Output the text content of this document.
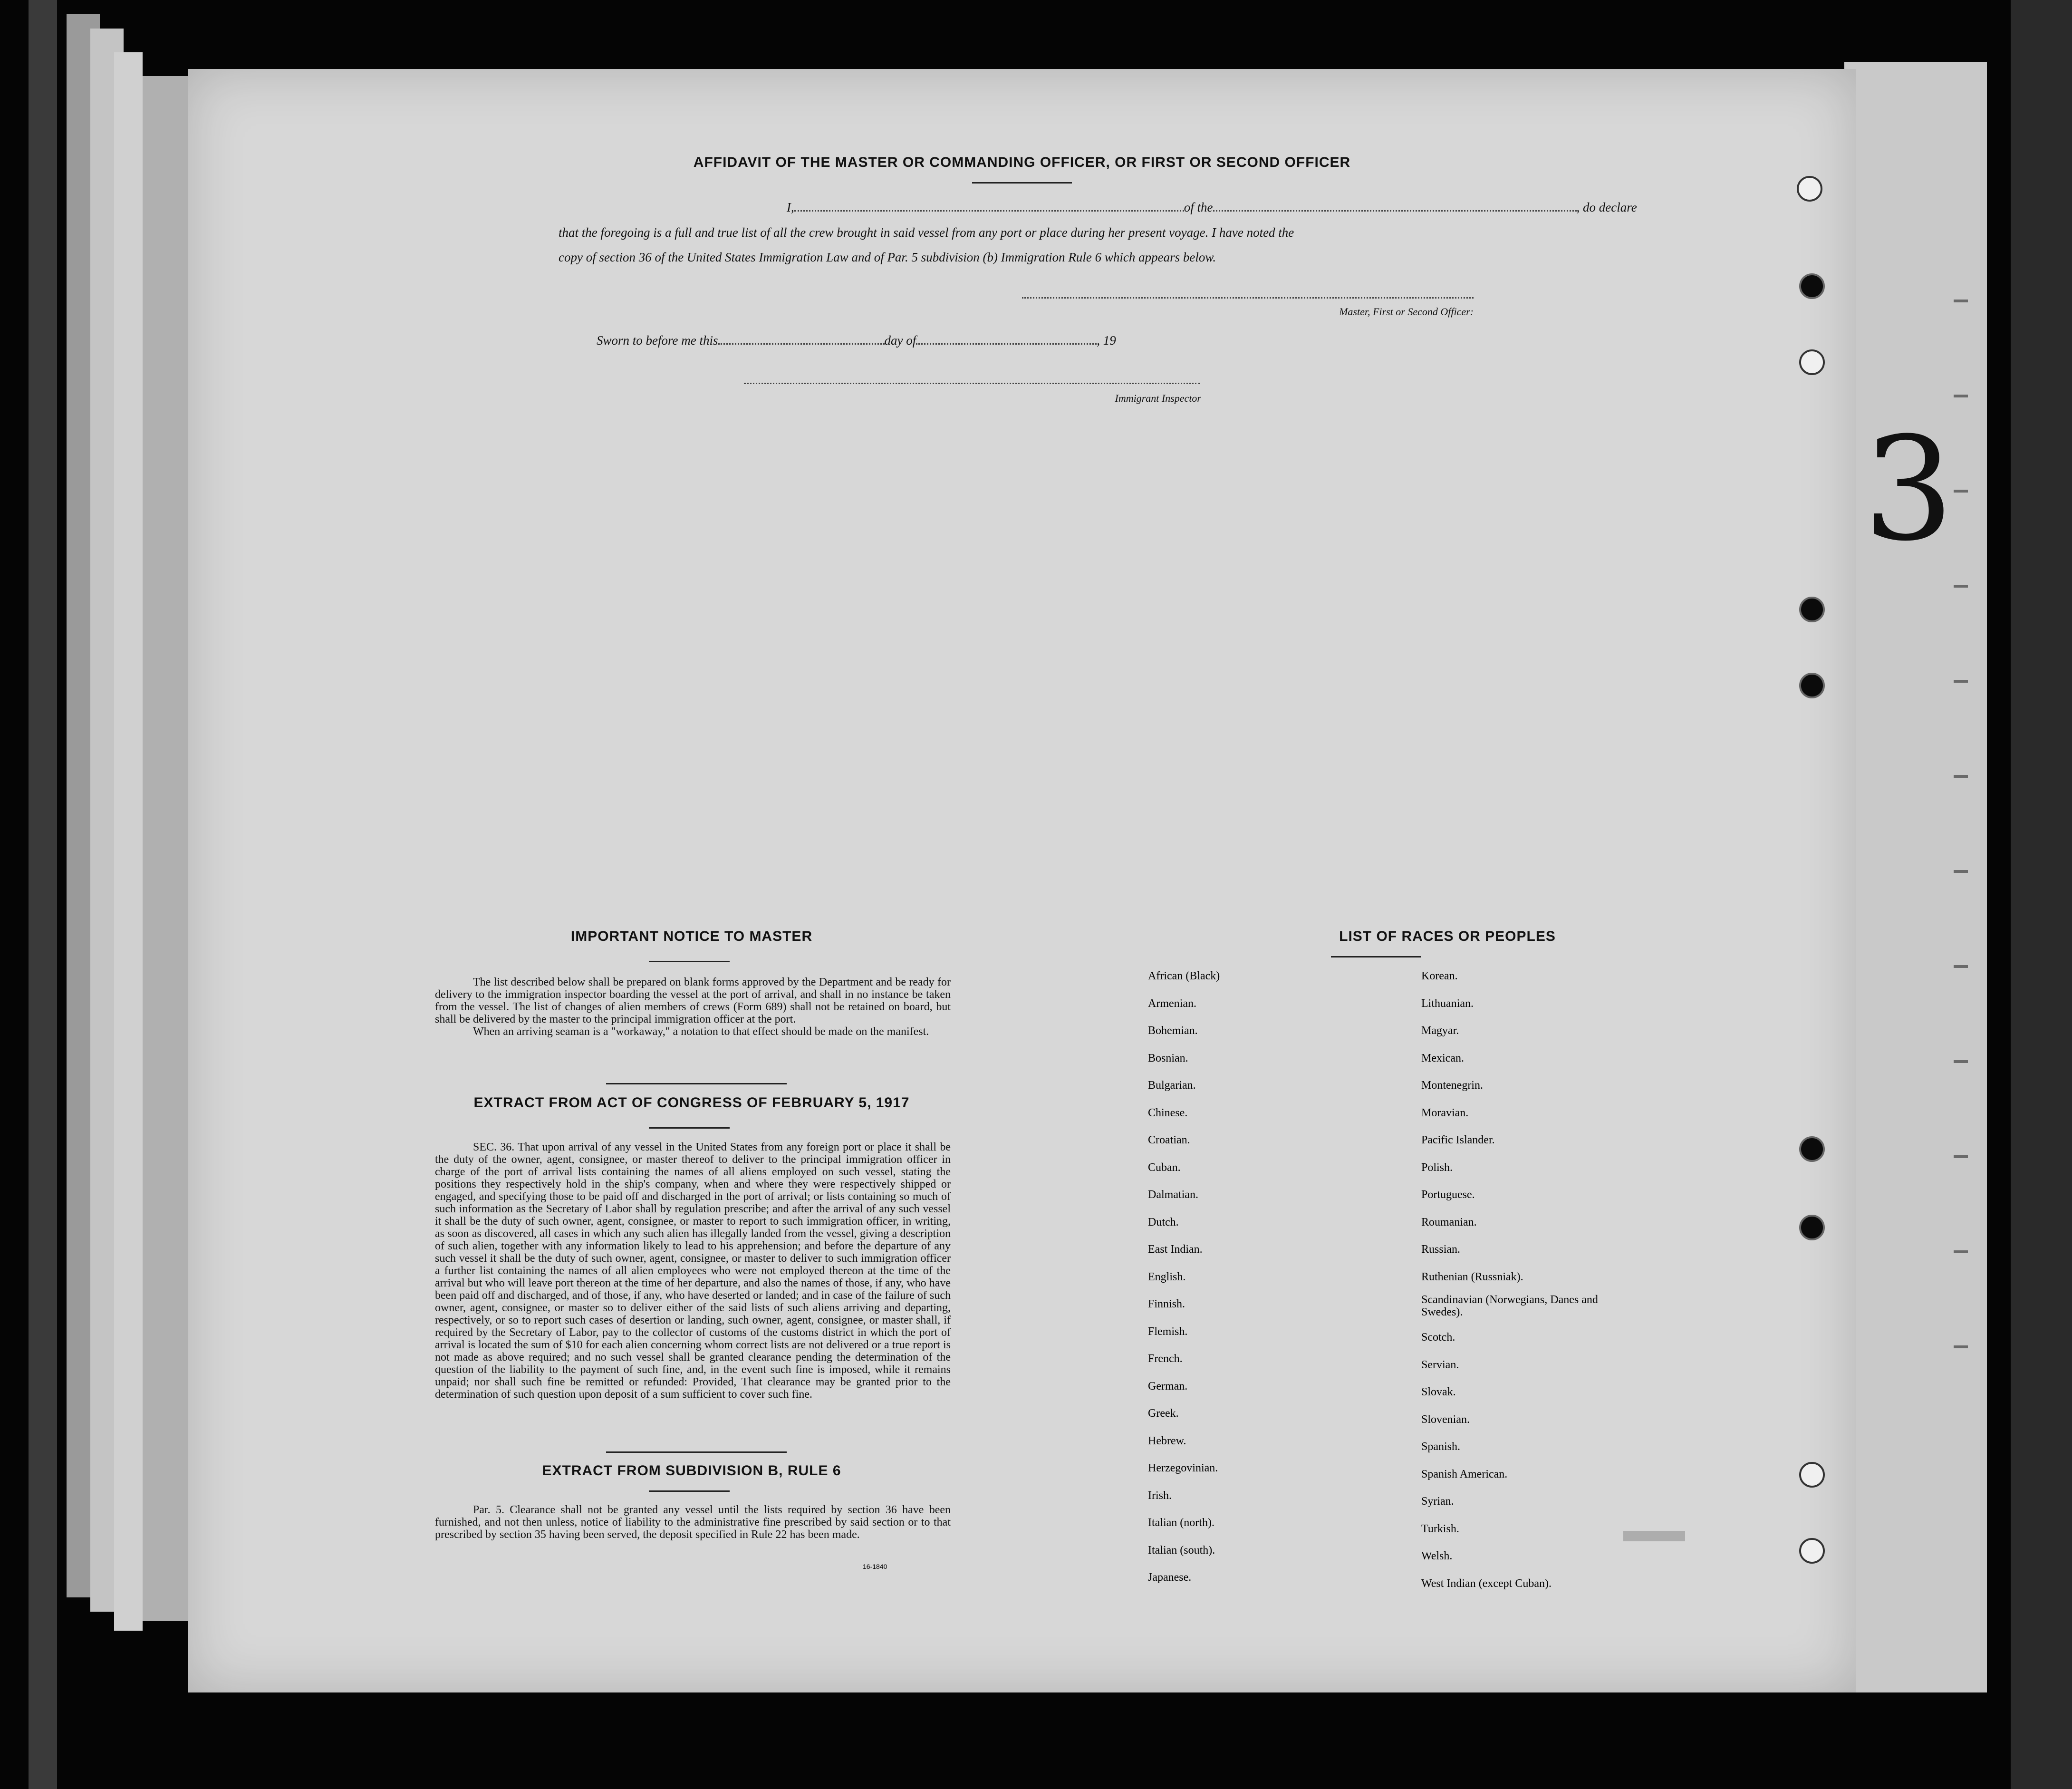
AFFIDAVIT OF THE MASTER OR COMMANDING OFFICER, OR FIRST OR SECOND OFFICER
I,	of the	, do declare
that the foregoing is a full and true list of all the crew brought in said vessel from any port or place during her present voyage. I have noted the
copy of section 36 of the United States Immigration Law and of Par. 5 subdivision (b) Immigration Rule 6 which appears below.
Master, First or Second Officer:
Sworn to before me this	day of	, 19
Immigrant Inspector
IMPORTANT NOTICE TO MASTER

The list described below shall be prepared on blank forms approved by the Department and be ready for delivery to the immigration inspector boarding the vessel at the port of arrival, and shall in no instance be taken from the vessel. The list of changes of alien members of crews (Form 689) shall not be retained on board, but shall be delivered by the master to the principal immigration officer at the port.

When an arriving seaman is a "workaway," a notation to that effect should be made on the manifest.

EXTRACT FROM ACT OF CONGRESS OF FEBRUARY 5, 1917

SEC. 36. That upon arrival of any vessel in the United States from any foreign port or place it shall be the duty of the owner, agent, consignee, or master thereof to deliver to the principal immigration officer in charge of the port of arrival lists containing the names of all aliens employed on such vessel, stating the positions they respectively hold in the ship's company, when and where they were respectively shipped or engaged, and specifying those to be paid off and discharged in the port of arrival; or lists containing so much of such information as the Secretary of Labor shall by regulation prescribe; and after the arrival of any such vessel it shall be the duty of such owner, agent, consignee, or master to report to such immigration officer, in writing, as soon as discovered, all cases in which any such alien has illegally landed from the vessel, giving a description of such alien, together with any information likely to lead to his apprehension; and before the departure of any such vessel it shall be the duty of such owner, agent, consignee, or master to deliver to such immigration officer a further list containing the names of all alien employees who were not employed thereon at the time of the arrival but who will leave port thereon at the time of her departure, and also the names of those, if any, who have been paid off and discharged, and of those, if any, who have deserted or landed; and in case of the failure of such owner, agent, consignee, or master so to deliver either of the said lists of such aliens arriving and departing, respectively, or so to report such cases of desertion or landing, such owner, agent, consignee, or master shall, if required by the Secretary of Labor, pay to the collector of customs of the customs district in which the port of arrival is located the sum of $10 for each alien concerning whom correct lists are not delivered or a true report is not made as above required; and no such vessel shall be granted clearance pending the determination of the question of the liability to the payment of such fine, and, in the event such fine is imposed, while it remains unpaid; nor shall such fine be remitted or refunded: Provided, That clearance may be granted prior to the determination of such question upon deposit of a sum sufficient to cover such fine.

EXTRACT FROM SUBDIVISION B, RULE 6

Par. 5. Clearance shall not be granted any vessel until the lists required by section 36 have been furnished, and not then unless, notice of liability to the administrative fine prescribed by said section or to that prescribed by section 35 having been served, the deposit specified in Rule 22 has been made.

16-1840
LIST OF RACES OR PEOPLES
African (Black)
Armenian.
Bohemian.
Bosnian.
Bulgarian.
Chinese.
Croatian.
Cuban.
Dalmatian.
Dutch.
East Indian.
English.
Finnish.
Flemish.
French.
German.
Greek.
Hebrew.
Herzegovinian.
Irish.
Italian (north).
Italian (south).
Japanese.
Korean.
Lithuanian.
Magyar.
Mexican.
Montenegrin.
Moravian.
Pacific Islander.
Polish.
Portuguese.
Roumanian.
Russian.
Ruthenian (Russniak).
Scandinavian (Norwegians, Danes and Swedes).
Scotch.
Servian.
Slovak.
Slovenian.
Spanish.
Spanish American.
Syrian.
Turkish.
Welsh.
West Indian (except Cuban).
3
